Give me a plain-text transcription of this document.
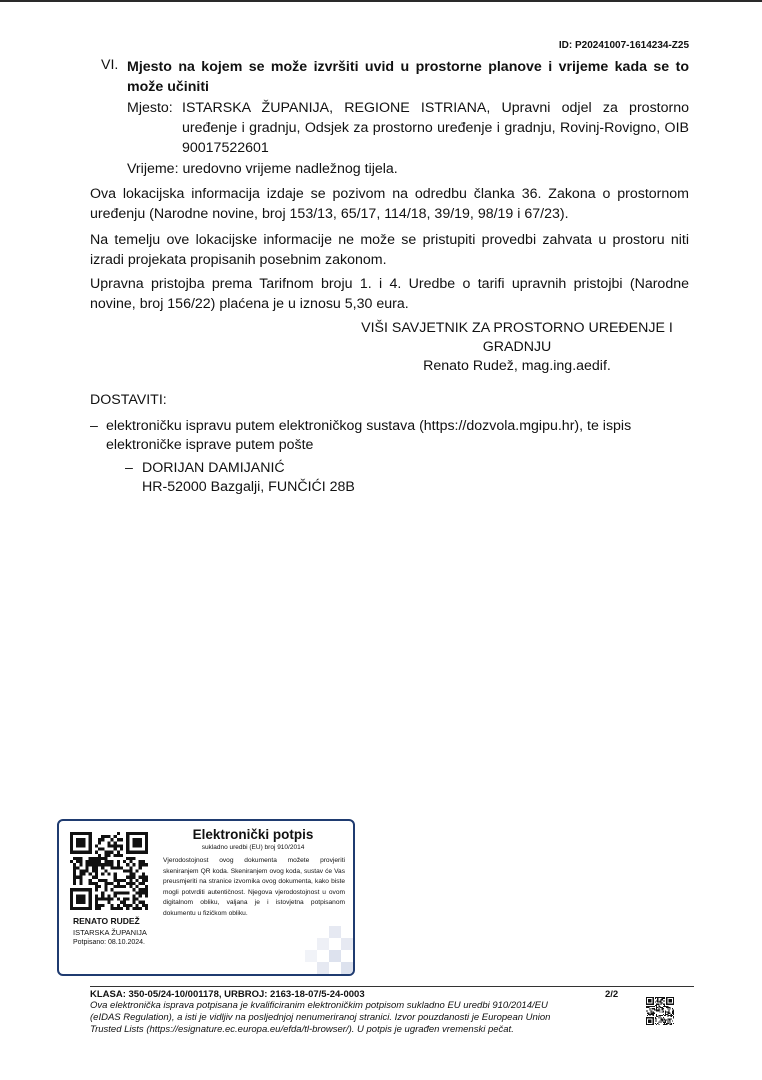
ID: P20241007-1614234-Z25
VI. Mjesto na kojem se može izvršiti uvid u prostorne planove i vrijeme kada se to

može učiniti

Mjesto: ISTARSKA ŽUPANIJA, REGIONE ISTRIANA, Upravni odjel za prostorno

uređenje i gradnju, Odsjek za prostorno uređenje i gradnju, Rovinj-Rovigno, OIB

90017522601

Vrijeme: uredovno vrijeme nadležnog tijela.

Ova lokacijska informacija izdaje se pozivom na odredbu članka 36. Zakona o prostornom

uređenju (Narodne novine, broj 153/13, 65/17, 114/18, 39/19, 98/19 i 67/23).

Na temelju ove lokacijske informacije ne može se pristupiti provedbi zahvata u prostoru niti

izradi projekata propisanih posebnim zakonom.

Upravna pristojba prema Tarifnom broju 1. i 4. Uredbe o tarifi upravnih pristojbi (Narodne

novine, broj 156/22) plaćena je u iznosu 5,30 eura.

VIŠI SAVJETNIK ZA PROSTORNO UREĐENJE I

GRADNJU

Renato Rudež, mag.ing.aedif.

DOSTAVITI:

– elektroničku ispravu putem elektroničkog sustava (https://dozvola.mgipu.hr), te ispis

elektroničke isprave putem pošte

– DORIJAN DAMIJANIĆ

HR-52000 Bazgalji, FUNČIĆI 28B

RENATO RUDEŽ
ISTARSKA ŽUPANIJA
Potpisano: 08.10.2024.
Elektronički potpis
sukladno uredbi (EU) broj 910/2014
Vjerodostojnost ovog dokumenta možete provjeriti skeniranjem QR koda. Skeniranjem ovog koda, sustav će Vas preusmjeriti na stranice izvornika ovog dokumenta, kako biste mogli potvrditi autentičnost. Njegova vjerodostojnost u ovom digitalnom obliku, valjana je i istovjetna potpisanom dokumentu u fizičkom obliku.
KLASA: 350-05/24-10/001178, URBROJ: 2163-18-07/5-24-0003	2/2
Ova elektronička isprava potpisana je kvalificiranim elektroničkim potpisom sukladno EU uredbi 910/2014/EU
(eIDAS Regulation), a isti je vidljiv na posljednjoj nenumeriranoj stranici. Izvor pouzdanosti je European Union
Trusted Lists (https://esignature.ec.europa.eu/efda/tl-browser/). U potpis je ugrađen vremenski pečat.
